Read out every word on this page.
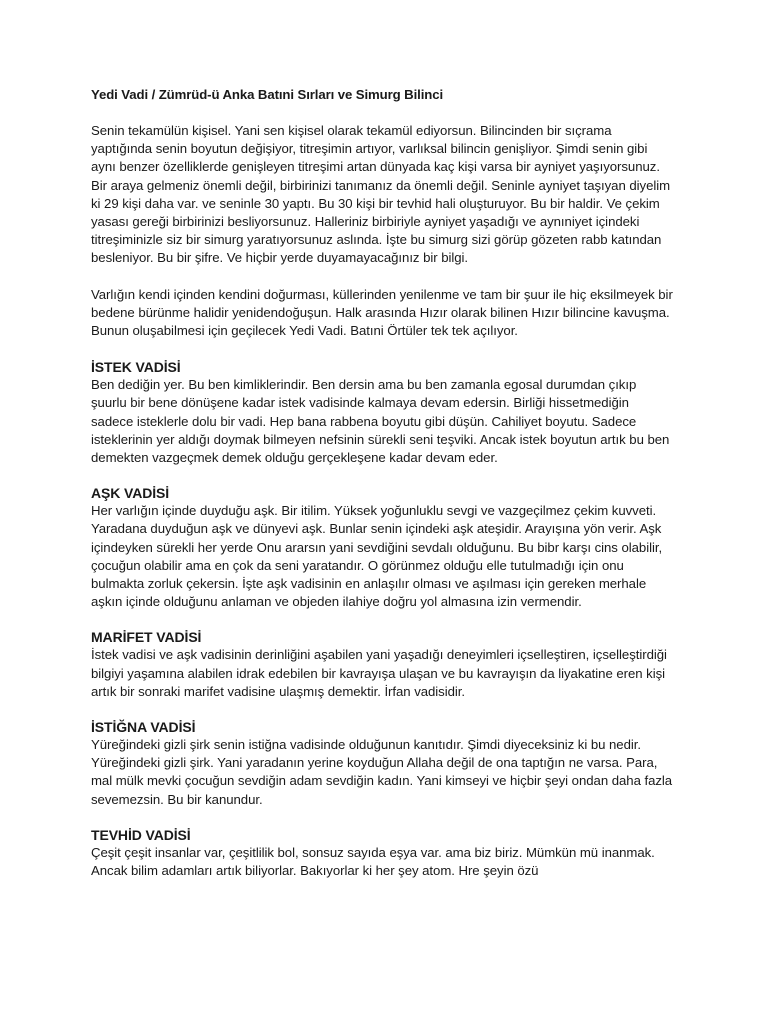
Yedi Vadi / Zümrüd-ü Anka Batıni Sırları ve Simurg Bilinci

Senin tekamülün kişisel. Yani sen kişisel olarak tekamül ediyorsun. Bilincinden bir sıçrama yaptığında senin boyutun değişiyor, titreşimin artıyor, varlıksal bilincin genişliyor. Şimdi senin gibi aynı benzer özelliklerde genişleyen titreşimi artan dünyada kaç kişi varsa bir ayniyet yaşıyorsunuz. Bir araya gelmeniz önemli değil, birbirinizi tanımanız da önemli değil. Seninle ayniyet taşıyan diyelim ki 29 kişi daha var. ve seninle 30 yaptı. Bu 30 kişi bir tevhid hali oluşturuyor. Bu bir haldir. Ve çekim yasası gereği birbirinizi besliyorsunuz. Halleriniz birbiriyle ayniyet yaşadığı ve aynıniyet içindeki titreşiminizle siz bir simurg yaratıyorsunuz aslında. İşte bu simurg sizi görüp gözeten rabb katından besleniyor. Bu bir şifre. Ve hiçbir yerde duyamayacağınız bir bilgi.

Varlığın kendi içinden kendini doğurması, küllerinden yenilenme ve tam bir şuur ile hiç eksilmeyek bir bedene bürünme halidir yenidendoğuşun. Halk arasında Hızır olarak bilinen Hızır bilincine kavuşma. Bunun oluşabilmesi için geçilecek Yedi Vadi. Batıni Örtüler tek tek açılıyor.

İSTEK VADİSİ

Ben dediğin yer. Bu ben kimliklerindir. Ben dersin ama bu ben zamanla egosal durumdan çıkıp şuurlu bir bene dönüşene kadar istek vadisinde kalmaya devam edersin. Birliği hissetmediğin sadece isteklerle dolu bir vadi. Hep bana rabbena boyutu gibi düşün. Cahiliyet boyutu. Sadece isteklerinin yer aldığı doymak bilmeyen nefsinin sürekli seni teşviki. Ancak istek boyutun artık bu ben demekten vazgeçmek demek olduğu gerçekleşene kadar devam eder.

AŞK VADİSİ

Her varlığın içinde duyduğu aşk. Bir itilim. Yüksek yoğunluklu sevgi ve vazgeçilmez çekim kuvveti. Yaradana duyduğun aşk ve dünyevi aşk. Bunlar senin içindeki aşk ateşidir. Arayışına yön verir. Aşk içindeyken sürekli her yerde Onu ararsın yani sevdiğini sevdalı olduğunu. Bu bibr karşı cins olabilir, çocuğun olabilir ama en çok da seni yaratandır. O görünmez olduğu elle tutulmadığı için onu bulmakta zorluk çekersin. İşte aşk vadisinin en anlaşılır olması ve aşılması için gereken merhale aşkın içinde olduğunu anlaman ve objeden ilahiye doğru yol almasına izin vermendir.

MARİFET VADİSİ

İstek vadisi ve aşk vadisinin derinliğini aşabilen yani yaşadığı deneyimleri içselleştiren, içselleştirdiği bilgiyi yaşamına alabilen idrak edebilen bir kavrayışa ulaşan ve bu kavrayışın da liyakatine eren kişi artık bir sonraki marifet vadisine ulaşmış demektir. İrfan vadisidir.

İSTİĞNA VADİSİ

Yüreğindeki gizli şirk senin istiğna vadisinde olduğunun kanıtıdır. Şimdi diyeceksiniz ki bu nedir. Yüreğindeki gizli şirk. Yani yaradanın yerine koyduğun Allaha değil de ona taptığın ne varsa. Para, mal mülk mevki çocuğun sevdiğin adam sevdiğin kadın. Yani kimseyi ve hiçbir şeyi ondan daha fazla sevemezsin. Bu bir kanundur.

TEVHİD VADİSİ

Çeşit çeşit insanlar var, çeşitlilik bol, sonsuz sayıda eşya var. ama biz biriz. Mümkün mü inanmak. Ancak bilim adamları artık biliyorlar. Bakıyorlar ki her şey atom. Hre şeyin özü
